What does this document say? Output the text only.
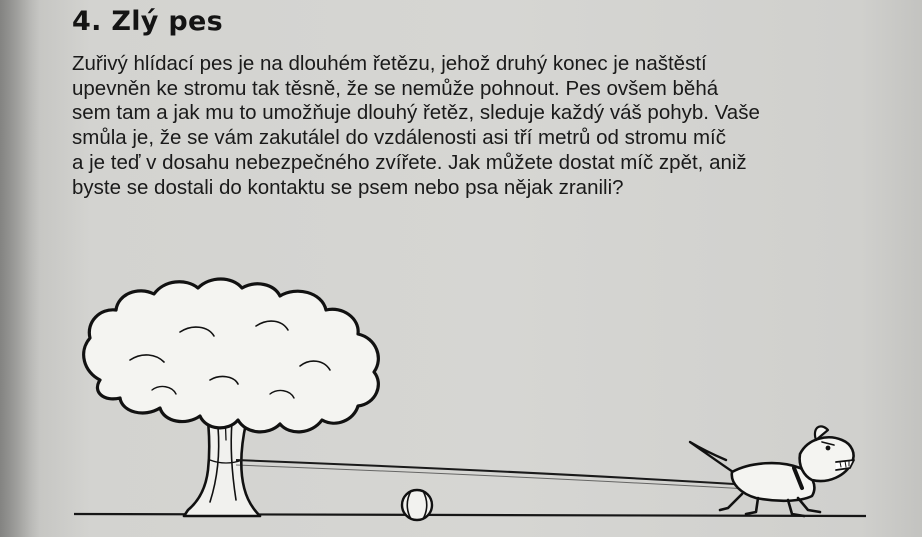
4. Zlý pes
Zuřivý hlídací pes je na dlouhém řetězu, jehož druhý konec je naštěstí
upevněn ke stromu tak těsně, že se nemůže pohnout. Pes ovšem běhá
sem tam a jak mu to umožňuje dlouhý řetěz, sleduje každý váš pohyb. Vaše
smůla je, že se vám zakutálel do vzdálenosti asi tří metrů od stromu míč
a je teď v dosahu nebezpečného zvířete. Jak můžete dostat míč zpět, aniž
byste se dostali do kontaktu se psem nebo psa nějak zranili?
